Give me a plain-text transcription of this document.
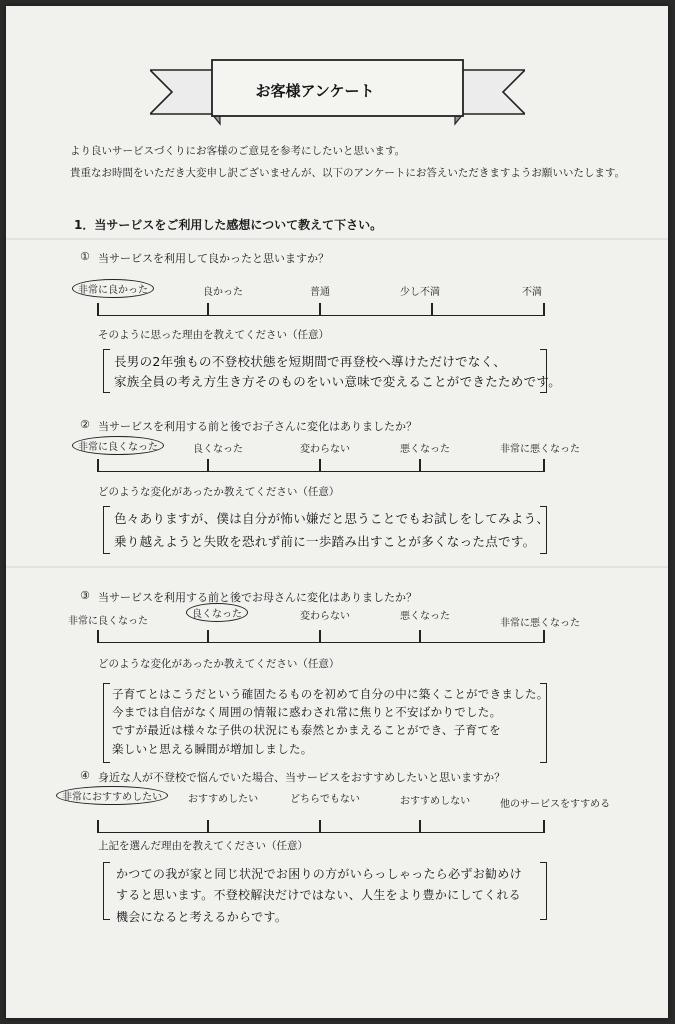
お客様アンケート
より良いサービスづくりにお客様のご意見を参考にしたいと思います。
貴重なお時間をいただき大変申し訳ございませんが、以下のアンケートにお答えいただきますようお願いいたします。
1．当サービスをご利用した感想について教えて下さい。
① 当サービスを利用して良かったと思いますか？
非常に良かった	良かった	普通	少し不満	不満
そのように思った理由を教えてください（任意）
長男の2年強もの不登校状態を短期間で再登校へ導けただけでなく、
家族全員の考え方生き方そのものをいい意味で変えることができたためです。
② 当サービスを利用する前と後でお子さんに変化はありましたか？
非常に良くなった	良くなった	変わらない	悪くなった	非常に悪くなった
どのような変化があったか教えてください（任意）
色々ありますが、僕は自分が怖い嫌だと思うことでもお試しをしてみよう、
乗り越えようと失敗を恐れず前に一歩踏み出すことが多くなった点です。
③ 当サービスを利用する前と後でお母さんに変化はありましたか？
非常に良くなった
良くなった	変わらない	悪くなった
非常に悪くなった
どのような変化があったか教えてください（任意）
子育てとはこうだという確固たるものを初めて自分の中に築くことができました。
今までは自信がなく周囲の情報に惑わされ常に焦りと不安ばかりでした。
ですが最近は様々な子供の状況にも泰然とかまえることができ、子育てを
楽しいと思える瞬間が増加しました。
④ 身近な人が不登校で悩んでいた場合、当サービスをおすすめしたいと思いますか？
非常におすすめしたい	おすすめしたい	どちらでもない	おすすめしない	他のサービスをすすめる
上記を選んだ理由を教えてください（任意）
かつての我が家と同じ状況でお困りの方がいらっしゃったら必ずお勧めけ
すると思います。不登校解決だけではない、人生をより豊かにしてくれる
機会になると考えるからです。
